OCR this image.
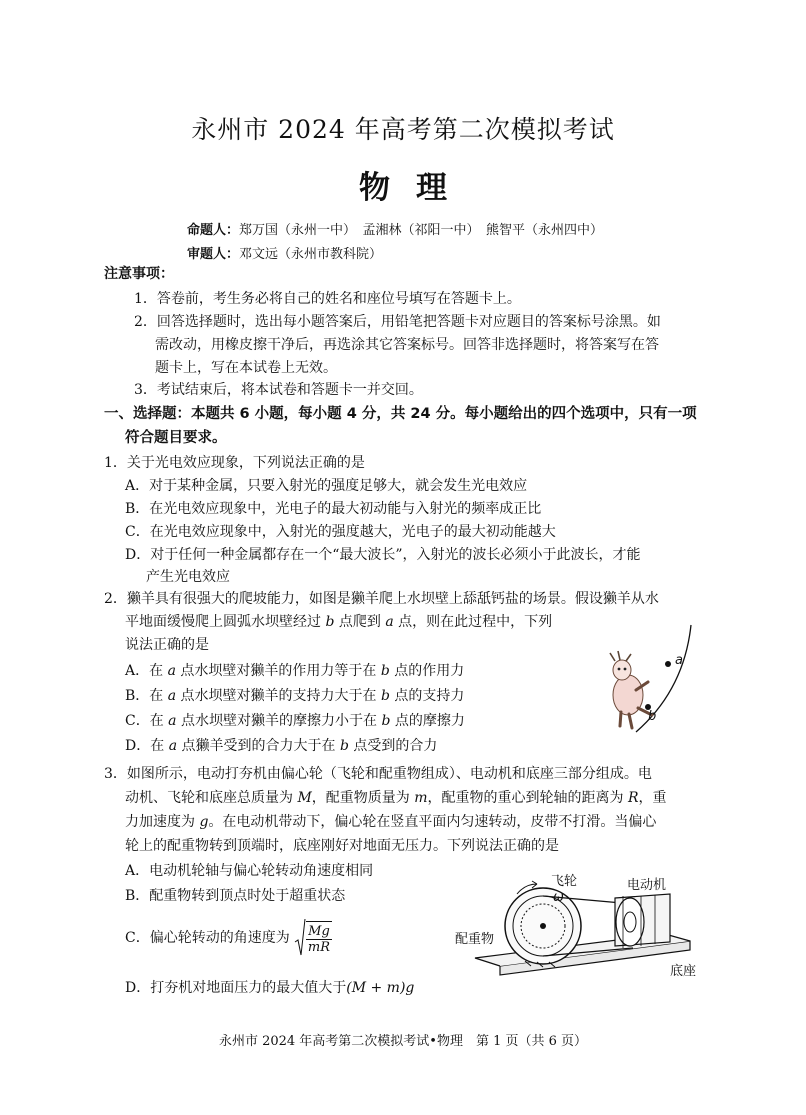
永州市 2024 年高考第二次模拟考试
物理
命题人：郑万国（永州一中）　孟湘林（祁阳一中）　熊智平（永州四中）
审题人：邓文远（永州市教科院）
注意事项：
1．答卷前，考生务必将自己的姓名和座位号填写在答题卡上。
2．回答选择题时，选出每小题答案后，用铅笔把答题卡对应题目的答案标号涂黑。如
需改动，用橡皮擦干净后，再选涂其它答案标号。回答非选择题时，将答案写在答
题卡上，写在本试卷上无效。
3．考试结束后，将本试卷和答题卡一并交回。
一、选择题：本题共 6 小题，每小题 4 分，共 24 分。每小题给出的四个选项中，只有一项
符合题目要求。
1．关于光电效应现象，下列说法正确的是
A．对于某种金属，只要入射光的强度足够大，就会发生光电效应
B．在光电效应现象中，光电子的最大初动能与入射光的频率成正比
C．在光电效应现象中，入射光的强度越大，光电子的最大初动能越大
D．对于任何一种金属都存在一个“最大波长”，入射光的波长必须小于此波长，才能
产生光电效应
2．獭羊具有很强大的爬坡能力，如图是獭羊爬上水坝壁上舔舐钙盐的场景。假设獭羊从水
平地面缓慢爬上圆弧水坝壁经过 b 点爬到 a 点，则在此过程中，下列
说法正确的是
A．在 a 点水坝壁对獭羊的作用力等于在 b 点的作用力
B．在 a 点水坝壁对獭羊的支持力大于在 b 点的支持力
C．在 a 点水坝壁对獭羊的摩擦力小于在 b 点的摩擦力
D．在 a 点獭羊受到的合力大于在 b 点受到的合力
a
b
3．如图所示，电动打夯机由偏心轮（飞轮和配重物组成）、电动机和底座三部分组成。电
动机、飞轮和底座总质量为 M，配重物质量为 m，配重物的重心到轮轴的距离为 R，重
力加速度为 g。在电动机带动下，偏心轮在竖直平面内匀速转动，皮带不打滑。当偏心
轮上的配重物转到顶端时，底座刚好对地面无压力。下列说法正确的是
A．电动机轮轴与偏心轮转动角速度相同
B．配重物转到顶点时处于超重状态
C．偏心轮转动的角速度为 $\frac{Mg}{mR}$
D．打夯机对地面压力的最大值大于(M + m)g
飞轮	电动机
配重物
底座
ω
永州市 2024 年高考第二次模拟考试•物理　第 1 页（共 6 页）
